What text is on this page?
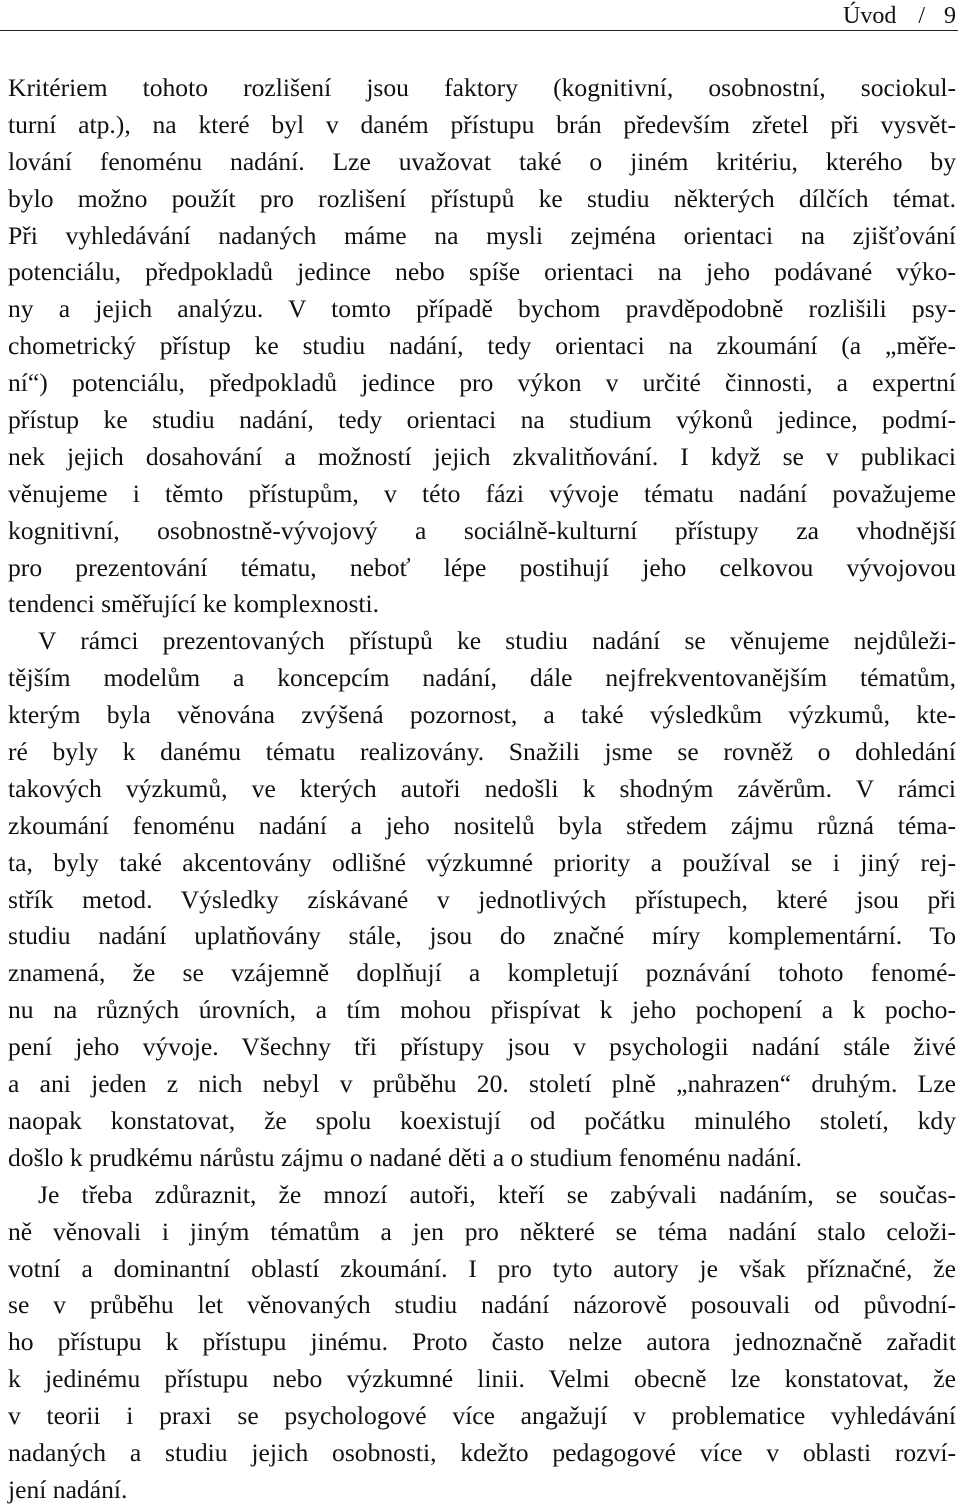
Úvod / 9
Kritériem tohoto rozlišení jsou faktory (kognitivní, osobnostní, sociokul-
turní atp.), na které byl v daném přístupu brán především zřetel při vysvět-
lování fenoménu nadání. Lze uvažovat také o jiném kritériu, kterého by
bylo možno použít pro rozlišení přístupů ke studiu některých dílčích témat.
Při vyhledávání nadaných máme na mysli zejména orientaci na zjišťování
potenciálu, předpokladů jedince nebo spíše orientaci na jeho podávané výko-
ny a jejich analýzu. V tomto případě bychom pravděpodobně rozlišili psy-
chometrický přístup ke studiu nadání, tedy orientaci na zkoumání (a „měře-
ní“) potenciálu, předpokladů jedince pro výkon v určité činnosti, a expertní
přístup ke studiu nadání, tedy orientaci na studium výkonů jedince, podmí-
nek jejich dosahování a možností jejich zkvalitňování. I když se v publikaci
věnujeme i těmto přístupům, v této fázi vývoje tématu nadání považujeme
kognitivní, osobnostně-vývojový a sociálně-kulturní přístupy za vhodnější
pro prezentování tématu, neboť lépe postihují jeho celkovou vývojovou
tendenci směřující ke komplexnosti.
V rámci prezentovaných přístupů ke studiu nadání se věnujeme nejdůleži-
tějším modelům a koncepcím nadání, dále nejfrekventovanějším tématům,
kterým byla věnována zvýšená pozornost, a také výsledkům výzkumů, kte-
ré byly k danému tématu realizovány. Snažili jsme se rovněž o dohledání
takových výzkumů, ve kterých autoři nedošli k shodným závěrům. V rámci
zkoumání fenoménu nadání a jeho nositelů byla středem zájmu různá téma-
ta, byly také akcentovány odlišné výzkumné priority a používal se i jiný rej-
střík metod. Výsledky získávané v jednotlivých přístupech, které jsou při
studiu nadání uplatňovány stále, jsou do značné míry komplementární. To
znamená, že se vzájemně doplňují a kompletují poznávání tohoto fenomé-
nu na různých úrovních, a tím mohou přispívat k jeho pochopení a k pocho-
pení jeho vývoje. Všechny tři přístupy jsou v psychologii nadání stále živé
a ani jeden z nich nebyl v průběhu 20. století plně „nahrazen“ druhým. Lze
naopak konstatovat, že spolu koexistují od počátku minulého století, kdy
došlo k prudkému nárůstu zájmu o nadané děti a o studium fenoménu nadání.
Je třeba zdůraznit, že mnozí autoři, kteří se zabývali nadáním, se součas-
ně věnovali i jiným tématům a jen pro některé se téma nadání stalo celoži-
votní a dominantní oblastí zkoumání. I pro tyto autory je však příznačné, že
se v průběhu let věnovaných studiu nadání názorově posouvali od původní-
ho přístupu k přístupu jinému. Proto často nelze autora jednoznačně zařadit
k jedinému přístupu nebo výzkumné linii. Velmi obecně lze konstatovat, že
v teorii i praxi se psychologové více angažují v problematice vyhledávání
nadaných a studiu jejich osobnosti, kdežto pedagogové více v oblasti rozví-
jení nadání.
